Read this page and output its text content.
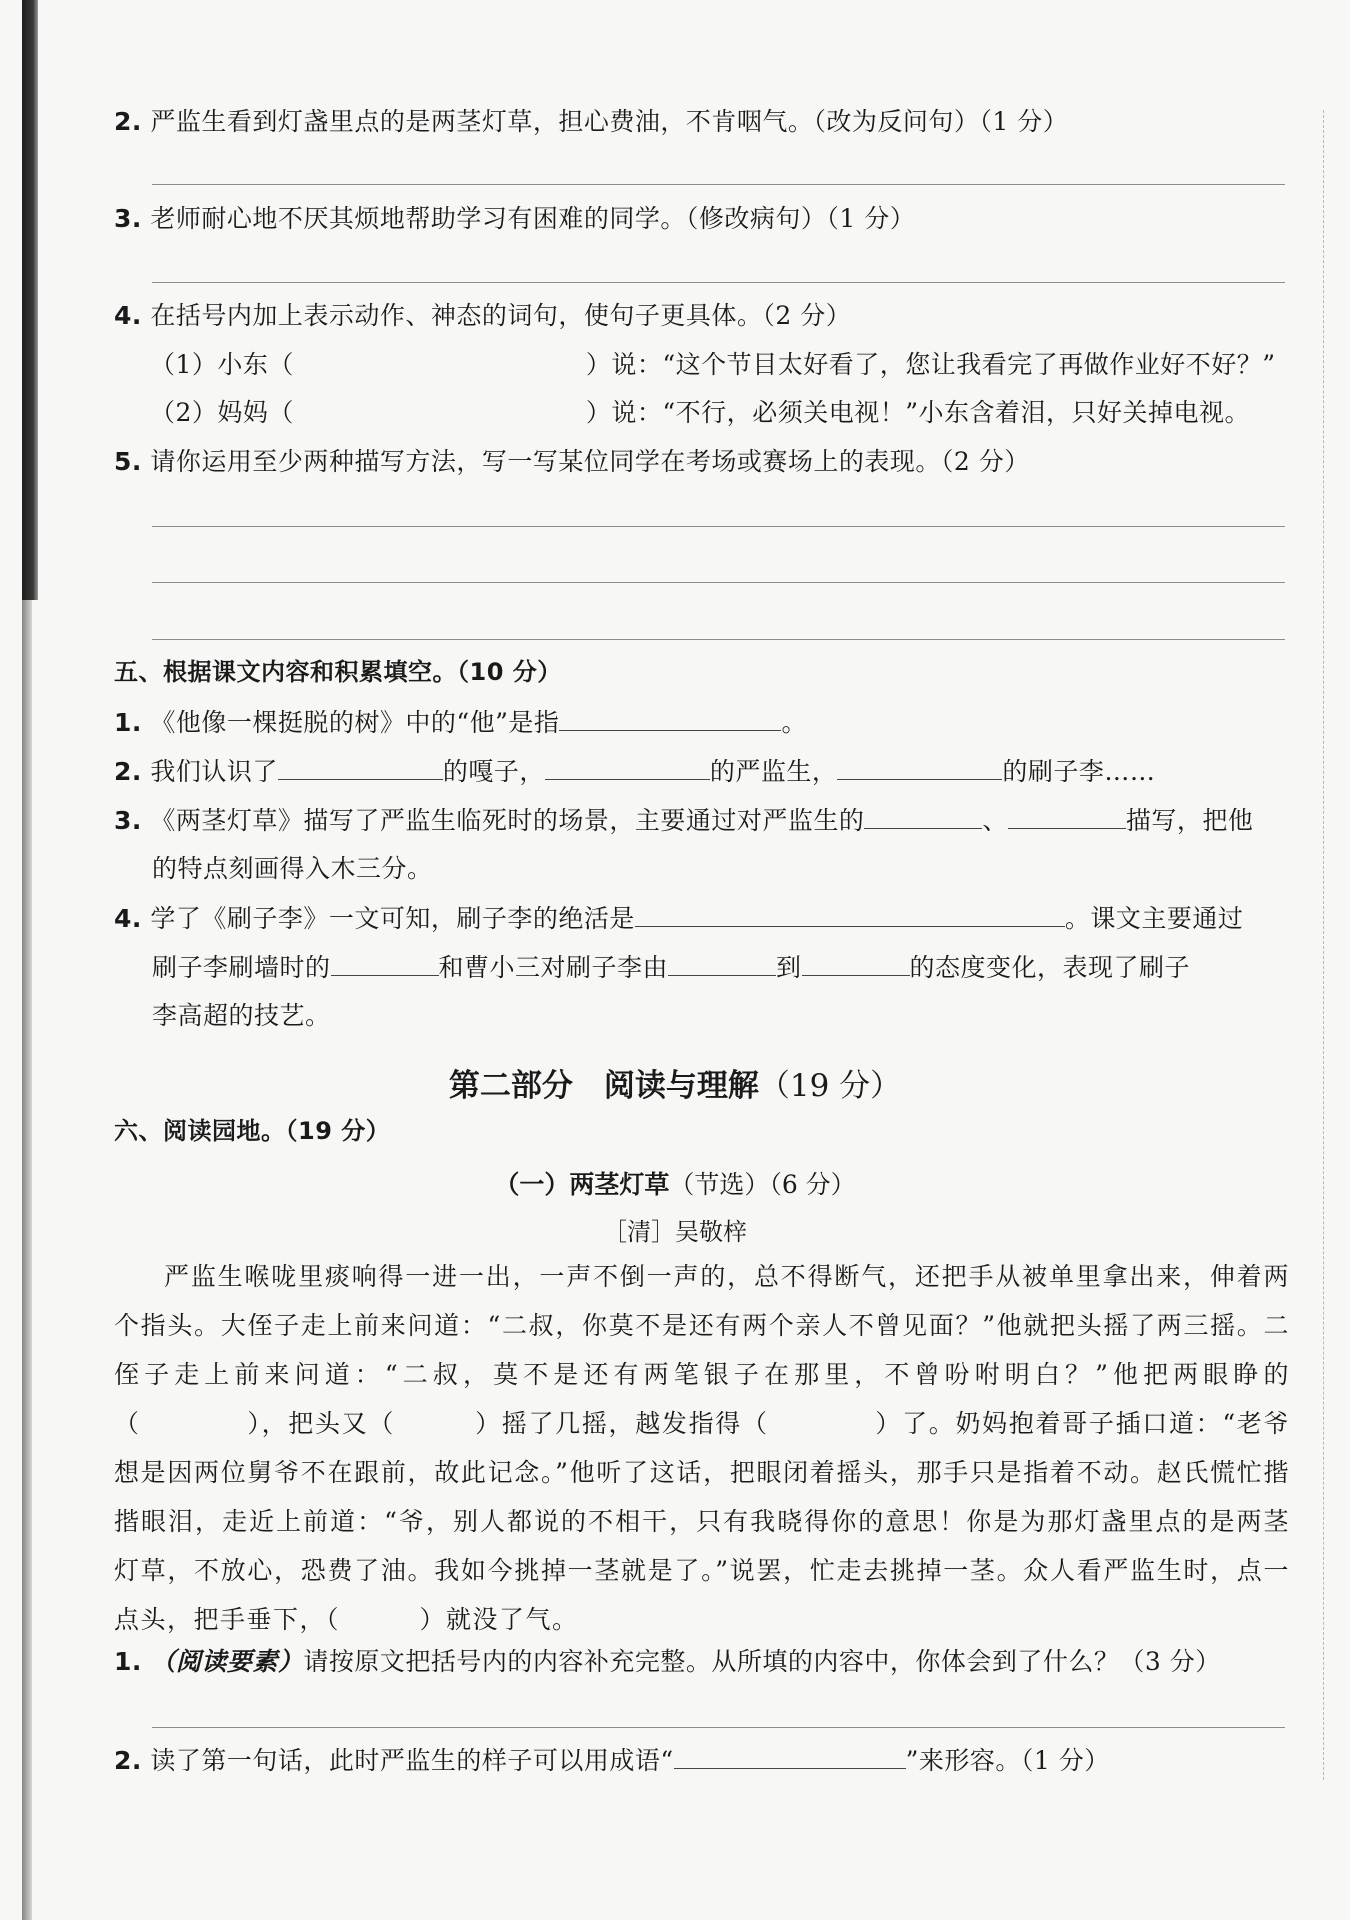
2. 严监生看到灯盏里点的是两茎灯草，担心费油，不肯咽气。（改为反问句）（1 分）
3. 老师耐心地不厌其烦地帮助学习有困难的同学。（修改病句）（1 分）
4. 在括号内加上表示动作、神态的词句，使句子更具体。（2 分）
（1）小东（	）说：“这个节目太好看了，您让我看完了再做作业好不好？”
（2）妈妈（	）说：“不行，必须关电视！”小东含着泪，只好关掉电视。
5. 请你运用至少两种描写方法，写一写某位同学在考场或赛场上的表现。（2 分）
五、根据课文内容和积累填空。（10 分）
1. 《他像一棵挺脱的树》中的“他”是指	。
2. 我们认识了	的嘎子，	的严监生，	的刷子李……
3. 《两茎灯草》描写了严监生临死时的场景，主要通过对严监生的	、	描写，把他
的特点刻画得入木三分。
4. 学了《刷子李》一文可知，刷子李的绝活是	。课文主要通过
刷子李刷墙时的	和曹小三对刷子李由	到	的态度变化，表现了刷子
李高超的技艺。
第二部分　阅读与理解（19 分）
六、阅读园地。（19 分）
（一）两茎灯草（节选）（6 分）
［清］吴敬梓
严监生喉咙里痰响得一进一出，一声不倒一声的，总不得断气，还把手从被单里拿出来，伸着两个指头。大侄子走上前来问道：“二叔，你莫不是还有两个亲人不曾见面？”他就把头摇了两三摇。二侄子走上前来问道：“二叔，莫不是还有两笔银子在那里，不曾吩咐明白？”他把两眼睁的（　　　　），把头又（　　　）摇了几摇，越发指得（　　　　）了。奶妈抱着哥子插口道：“老爷想是因两位舅爷不在跟前，故此记念。”他听了这话，把眼闭着摇头，那手只是指着不动。赵氏慌忙揩揩眼泪，走近上前道：“爷，别人都说的不相干，只有我晓得你的意思！你是为那灯盏里点的是两茎灯草，不放心，恐费了油。我如今挑掉一茎就是了。”说罢，忙走去挑掉一茎。众人看严监生时，点一点头，把手垂下，（　　　）就没了气。
1. （阅读要素）请按原文把括号内的内容补充完整。从所填的内容中，你体会到了什么？（3 分）
2. 读了第一句话，此时严监生的样子可以用成语“	”来形容。（1 分）
